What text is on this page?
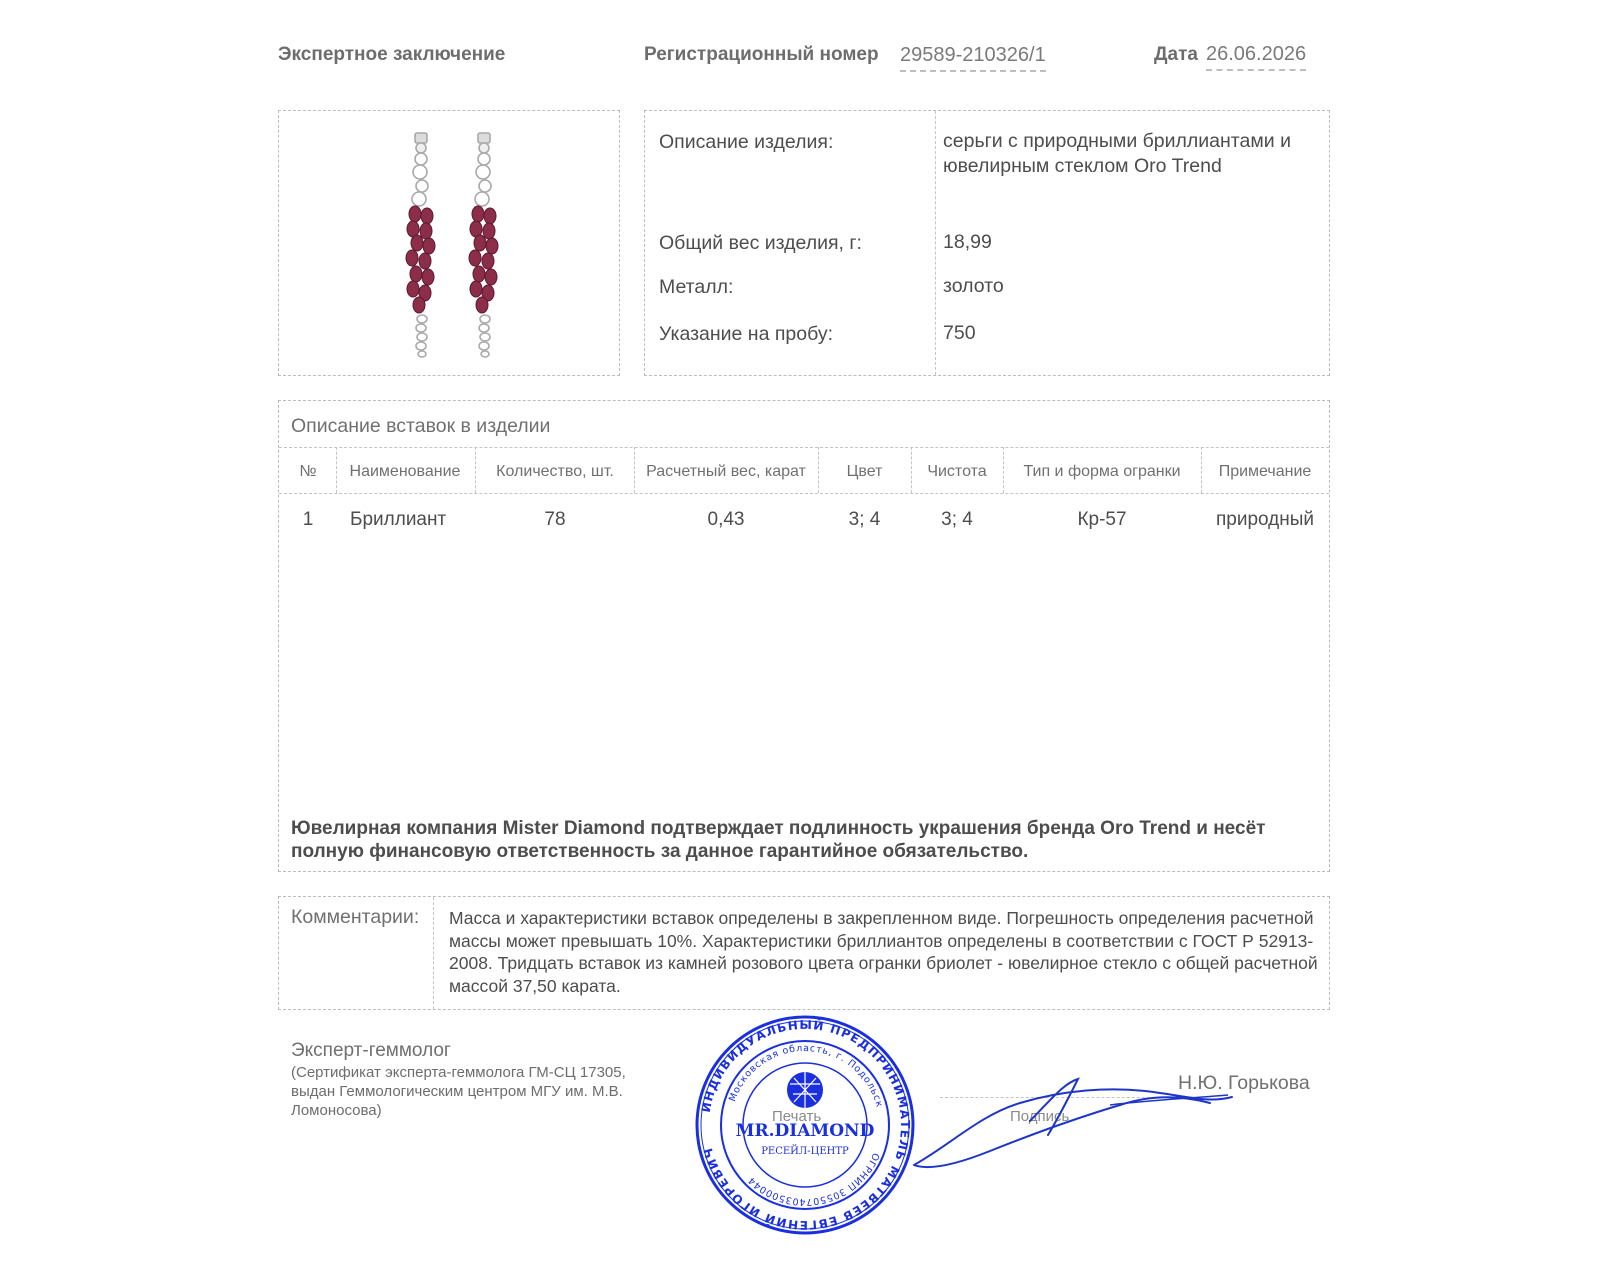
Экспертное заключение	Регистрационный номер 29589-210326/1	Дата 26.06.2026
Описание изделия:	серьги с природными бриллиантами и ювелирным стеклом Oro Trend
Общий вес изделия, г:	18,99
Металл:	золото
Указание на пробу:	750
Описание вставок в изделии
№	Наименование	Количество, шт.	Расчетный вес, карат	Цвет	Чистота	Тип и форма огранки	Примечание
1	Бриллиант	78	0,43	3; 4	3; 4	Кр-57	природный
Ювелирная компания Mister Diamond подтверждает подлинность украшения бренда Oro Trend и несёт полную финансовую ответственность за данное гарантийное обязательство.
Комментарии: Масса и характеристики вставок определены в закрепленном виде. Погрешность определения расчетной массы может превышать 10%. Характеристики бриллиантов определены в соответствии с ГОСТ Р 52913-2008. Тридцать вставок из камней розового цвета огранки бриолет - ювелирное стекло с общей расчетной массой 37,50 карата.
Эксперт-геммолог
(Сертификат эксперта-геммолога ГМ-СЦ 17305, выдан Геммологическим центром МГУ им. М.В. Ломоносова)	Печать	Подпись
Н.Ю. Горькова
ИНДИВИДУАЛЬНЫЙ ПРЕДПРИНИМАТЕЛЬ МАТВЕЕВ ЕВГЕНИЙ ИГОРЕВИЧ
Московская область, г. Подольск
ОГРНИП 305507403500044
MR.DIAMOND
РЕСЕЙЛ-ЦЕНТР
